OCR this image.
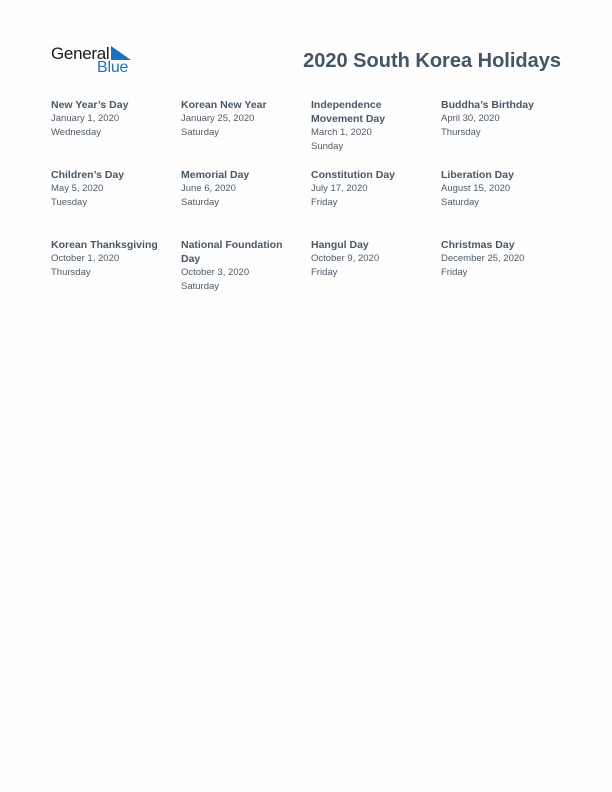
General
Blue	2020 South Korea Holidays
New Year’s Day
January 1, 2020
Wednesday
Korean New Year
January 25, 2020
Saturday
Independence Movement Day
March 1, 2020
Sunday
Buddha’s Birthday
April 30, 2020
Thursday
Children’s Day
May 5, 2020
Tuesday
Memorial Day
June 6, 2020
Saturday
Constitution Day
July 17, 2020
Friday
Liberation Day
August 15, 2020
Saturday
Korean Thanksgiving
October 1, 2020
Thursday
National Foundation Day
October 3, 2020
Saturday
Hangul Day
October 9, 2020
Friday
Christmas Day
December 25, 2020
Friday
